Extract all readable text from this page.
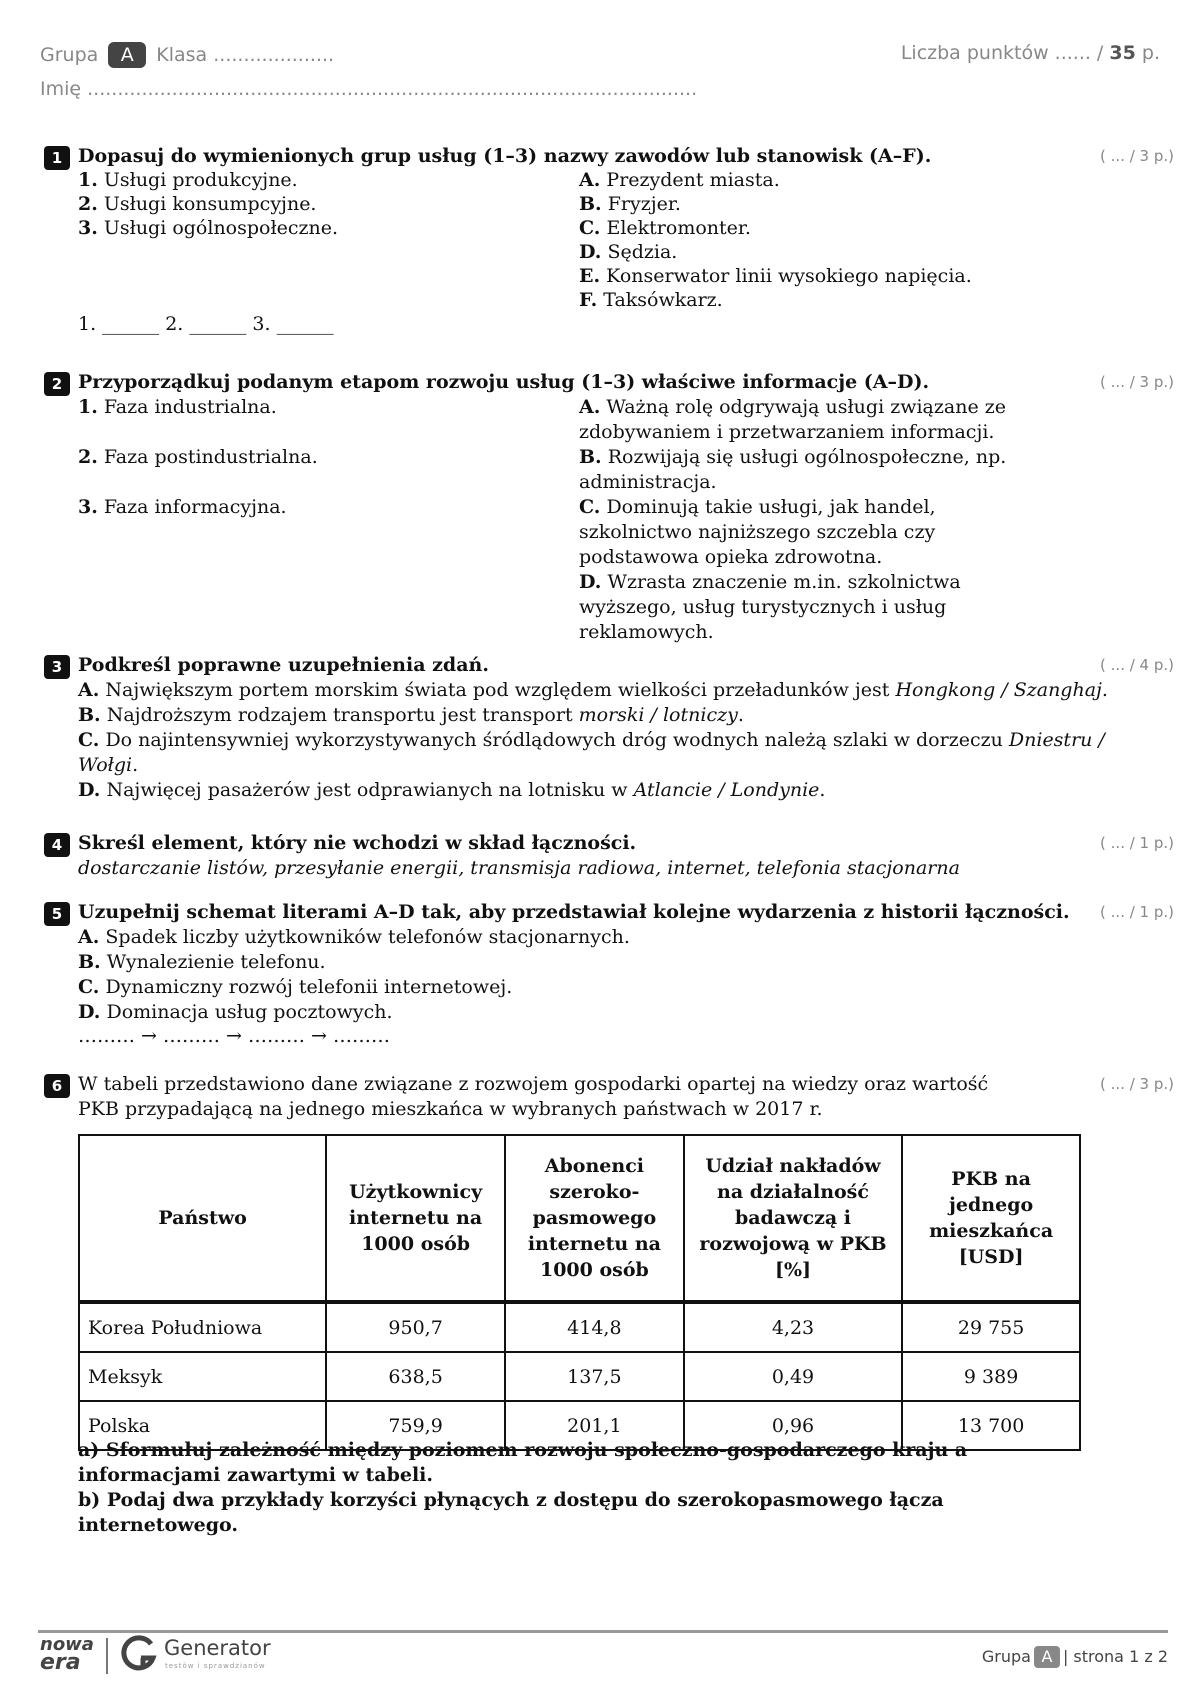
Grupa A Klasa ....................	Liczba punktów ...... / 35 p.
Imię .....................................................................................................
1 Dopasuj do wymienionych grup usług (1–3) nazwy zawodów lub stanowisk (A–F).	( ... / 3 p.)
1. Usługi produkcyjne.
2. Usługi konsumpcyjne.
3. Usługi ogólnospołeczne.
1. ______ 2. ______ 3. ______
A. Prezydent miasta.
B. Fryzjer.
C. Elektromonter.
D. Sędzia.
E. Konserwator linii wysokiego napięcia.
F. Taksówkarz.
2 Przyporządkuj podanym etapom rozwoju usług (1–3) właściwe informacje (A–D).	( ... / 3 p.)
1. Faza industrialna.
2. Faza postindustrialna.
3. Faza informacyjna.
A. Ważną rolę odgrywają usługi związane ze zdobywaniem i przetwarzaniem informacji.
B. Rozwijają się usługi ogólnospołeczne, np. administracja.
C. Dominują takie usługi, jak handel, szkolnictwo najniższego szczebla czy podstawowa opieka zdrowotna.
D. Wzrasta znaczenie m.in. szkolnictwa wyższego, usług turystycznych i usług reklamowych.
3 Podkreśl poprawne uzupełnienia zdań.	( ... / 4 p.)
A. Największym portem morskim świata pod względem wielkości przeładunków jest Hongkong / Szanghaj.
B. Najdroższym rodzajem transportu jest transport morski / lotniczy.
C. Do najintensywniej wykorzystywanych śródlądowych dróg wodnych należą szlaki w dorzeczu Dniestru / Wołgi.
D. Najwięcej pasażerów jest odprawianych na lotnisku w Atlancie / Londynie.
4 Skreśl element, który nie wchodzi w skład łączności.	( ... / 1 p.)
dostarczanie listów, przesyłanie energii, transmisja radiowa, internet, telefonia stacjonarna
5 Uzupełnij schemat literami A–D tak, aby przedstawiał kolejne wydarzenia z historii łączności. ( ... / 1 p.)
A. Spadek liczby użytkowników telefonów stacjonarnych.
B. Wynalezienie telefonu.
C. Dynamiczny rozwój telefonii internetowej.
D. Dominacja usług pocztowych.
……… → ……… → ……… → ………
6 W tabeli przedstawiono dane związane z rozwojem gospodarki opartej na wiedzy oraz wartość PKB przypadającą na jednego mieszkańca w wybranych państwach w 2017 r.
( ... / 3 p.)
Państwo	Użytkownicy internetu na 1000 osób	Abonenci szeroko-pasmowego internetu na 1000 osób	Udział nakładów na działalność badawczą i rozwojową w PKB [%]	PKB na jednego mieszkańca [USD]
Korea Południowa	950,7	414,8	4,23	29 755
Meksyk	638,5	137,5	0,49	9 389
Polska	759,9	201,1	0,96	13 700
a) Sformułuj zależność między poziomem rozwoju społeczno-gospodarczego kraju a informacjami zawartymi w tabeli.
b) Podaj dwa przykłady korzyści płynących z dostępu do szerokopasmowego łącza internetowego.
nowa
era
Generator
testów i sprawdzianów	Grupa A | strona 1 z 2
